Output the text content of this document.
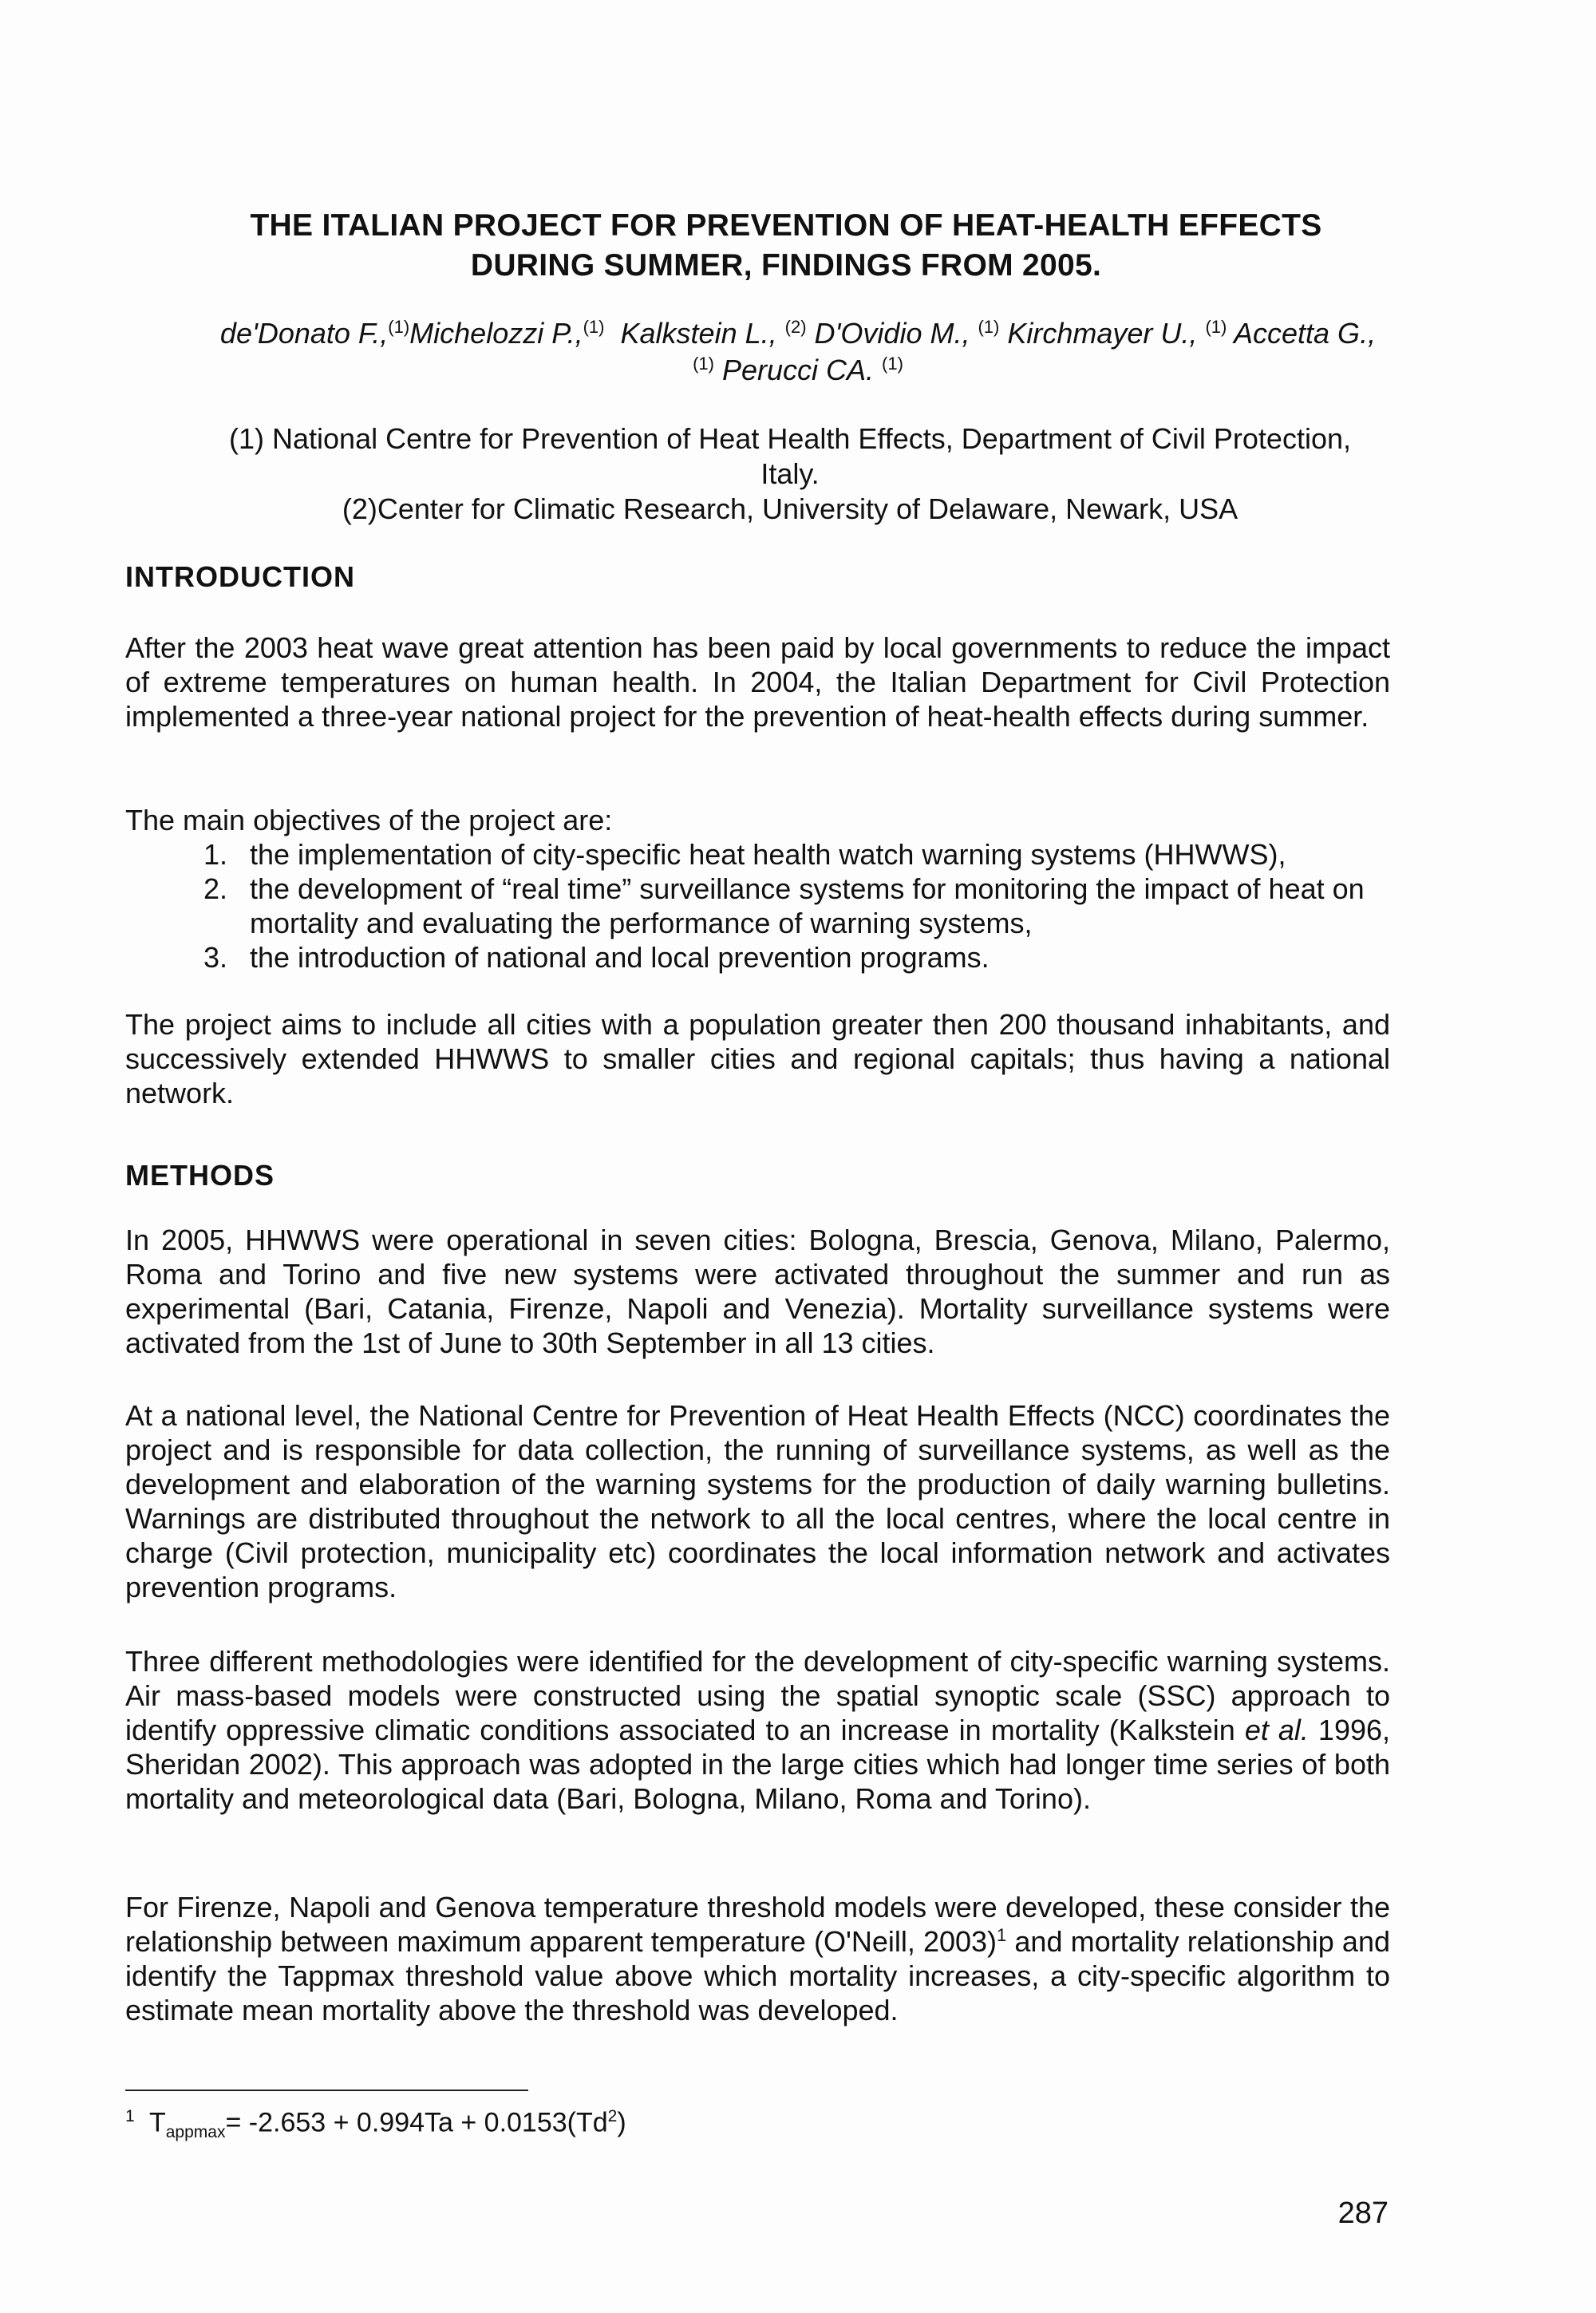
THE ITALIAN PROJECT FOR PREVENTION OF HEAT-HEALTH EFFECTS
DURING SUMMER, FINDINGS FROM 2005.
de'Donato F.,$^{(1)}$Michelozzi P.,$^{(1)}$ Kalkstein L., $^{(2)}$ D'Ovidio M., $^{(1)}$ Kirchmayer U., $^{(1)}$ Accetta G.,
$^{(1)}$ Perucci CA. $^{(1)}$
(1) National Centre for Prevention of Heat Health Effects, Department of Civil Protection,
Italy.
(2)Center for Climatic Research, University of Delaware, Newark, USA
INTRODUCTION
After the 2003 heat wave great attention has been paid by local governments to reduce the impact of extreme temperatures on human health. In 2004, the Italian Department for Civil Protection implemented a three-year national project for the prevention of heat-health effects during summer.

The main objectives of the project are:

1. the implementation of city-specific heat health watch warning systems (HHWWS),
2. the development of “real time” surveillance systems for monitoring the impact of heat on mortality and evaluating the performance of warning systems,
3. the introduction of national and local prevention programs.
The project aims to include all cities with a population greater then 200 thousand inhabitants, and successively extended HHWWS to smaller cities and regional capitals; thus having a national network.
METHODS
In 2005, HHWWS were operational in seven cities: Bologna, Brescia, Genova, Milano, Palermo, Roma and Torino and five new systems were activated throughout the summer and run as experimental (Bari, Catania, Firenze, Napoli and Venezia). Mortality surveillance systems were activated from the 1st of June to 30th September in all 13 cities.
At a national level, the National Centre for Prevention of Heat Health Effects (NCC) coordinates the project and is responsible for data collection, the running of surveillance systems, as well as the development and elaboration of the warning systems for the production of daily warning bulletins. Warnings are distributed throughout the network to all the local centres, where the local centre in charge (Civil protection, municipality etc) coordinates the local information network and activates prevention programs.
Three different methodologies were identified for the development of city-specific warning systems. Air mass-based models were constructed using the spatial synoptic scale (SSC) approach to identify oppressive climatic conditions associated to an increase in mortality (Kalkstein et al. 1996, Sheridan 2002). This approach was adopted in the large cities which had longer time series of both mortality and meteorological data (Bari, Bologna, Milano, Roma and Torino).
For Firenze, Napoli and Genova temperature threshold models were developed, these consider the relationship between maximum apparent temperature (O'Neill, 2003)$^1$ and mortality relationship and identify the Tappmax threshold value above which mortality increases, a city-specific algorithm to estimate mean mortality above the threshold was developed.
$^1$ $T_{appmax}= -2.653 + 0.994Ta + 0.0153(Td^2)$
287
